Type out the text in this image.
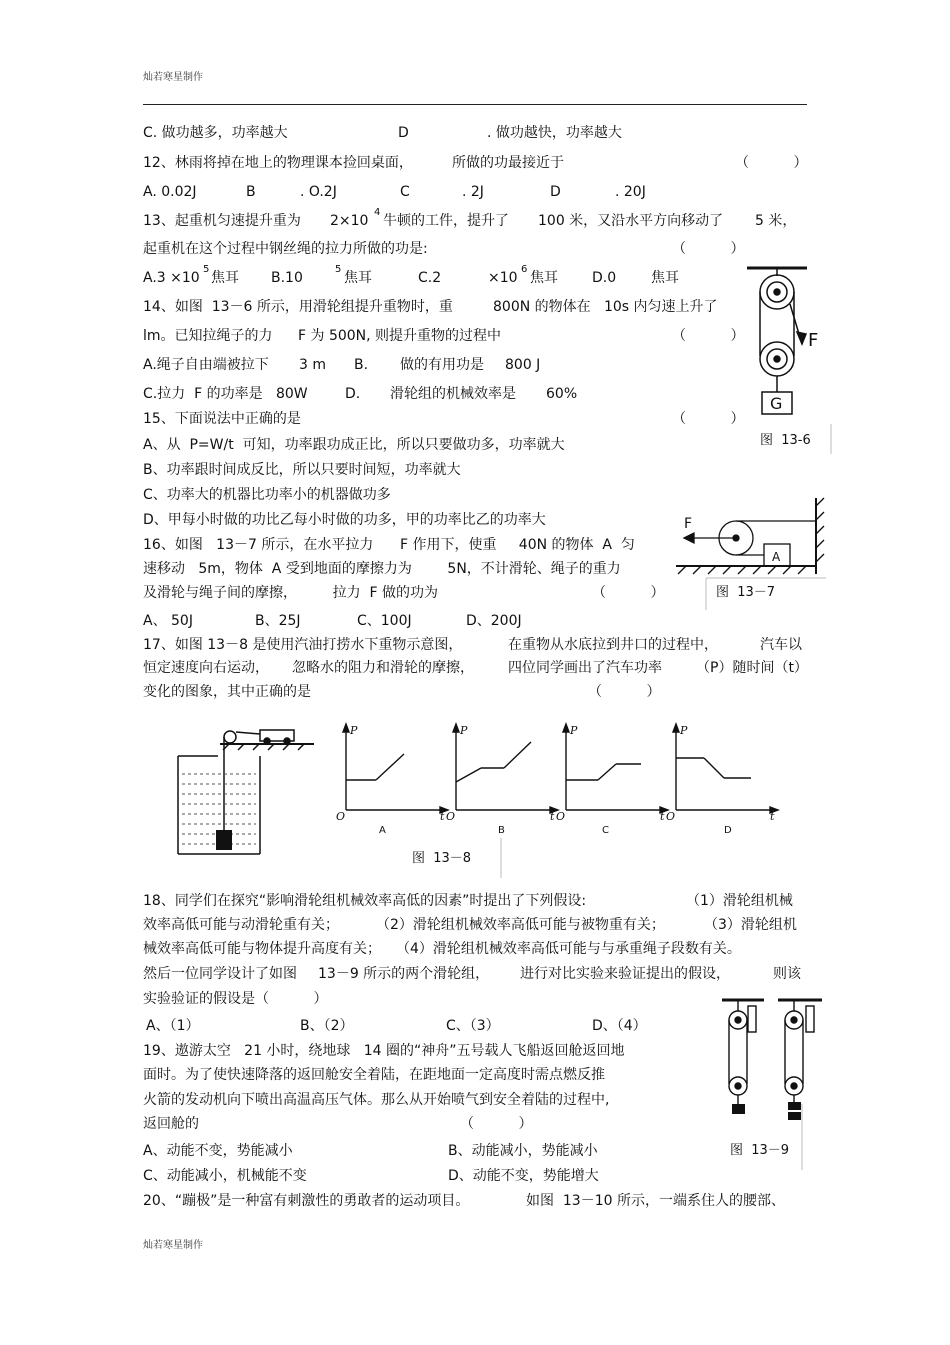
灿若寒星制作
C. 做功越多，功率越大	D	. 做功越快，功率越大
12、林雨将掉在地上的物理课本捡回桌面，	所做的功最接近于	（          ）
A. 0.02J	B	. O.2J	C	. 2J	D	. 20J
13、起重机匀速提升重为 2×10
4
牛顿的工件，提升了 100 米，又沿水平方向移动了 5 米，
起重机在这个过程中钢丝绳的拉力所做的功是:	（          ）
A.3 ×10
5
焦耳 B.10
5
焦耳	C.2	×10
6
焦耳 D.0 焦耳
14、如图  13－6 所示，用滑轮组提升重物时，重	800N 的物体在   10s 内匀速上升了
lm。已知拉绳子的力 F 为 500N, 则提升重物的过程中	（          ）
A.绳子自由端被拉下 3 m B. 做的有用功是 800 J
C.拉力  F 的功率是   80W	D. 滑轮组的机械效率是 60%
F
G
图  13-6
15、下面说法中正确的是	（          ）
A、从  P=W/t  可知，功率跟功成正比，所以只要做功多，功率就大
B、功率跟时间成反比，所以只要时间短，功率就大
C、功率大的机器比功率小的机器做功多
D、甲每小时做的功比乙每小时做的功多，甲的功率比乙的功率大
16、如图   13－7 所示，在水平拉力      F 作用下，使重     40N 的物体  A  匀
速移动   5m，物体  A 受到地面的摩擦力为        5N，不计滑轮、绳子的重力
及滑轮与绳子间的摩擦，        拉力  F 做的功为	（          ）
A、 50J	B、25J	C、100J	D、200J
F
A
图  13－7
17、如图 13－8 是使用汽油打捞水下重物示意图，	在重物从水底拉到井口的过程中，	汽车以
恒定速度向右运动， 忽略水的阻力和滑轮的摩擦， 四位同学画出了汽车功率 （P）随时间（t）
变化的图象，其中正确的是	（          ）
P
t
O
P
t
O
P
t
O
P
t
O
A	B	C	D
图  13－8
18、同学们在探究“影响滑轮组机械效率高低的因素”时提出了下列假设:	（1）滑轮组机械
效率高低可能与动滑轮重有关；	（2）滑轮组机械效率高低可能与被物重有关；	（3）滑轮组机
械效率高低可能与物体提升高度有关； （4）滑轮组机械效率高低可能与与承重绳子段数有关。
然后一位同学设计了如图 13－9 所示的两个滑轮组， 进行对比实验来验证提出的假设，	则该
实验验证的假设是（          ）
A、（1）	B、（2）	C、（3）	D、（4）
图  13－9
19、遨游太空   21 小时，绕地球   14 圈的“神舟”五号载人飞船返回舱返回地
面时。为了使快速降落的返回舱安全着陆，在距地面一定高度时需点燃反推
火箭的发动机向下喷出高温高压气体。那么从开始喷气到安全着陆的过程中,
返回舱的	（          ）
A、动能不变，势能减小	B、动能减小，势能减小
C、动能减小，机械能不变	D、动能不变，势能增大
20、“蹦极”是一种富有刺激性的勇敢者的运动项目。	如图  13－10 所示，一端系住人的腰部、
灿若寒星制作
